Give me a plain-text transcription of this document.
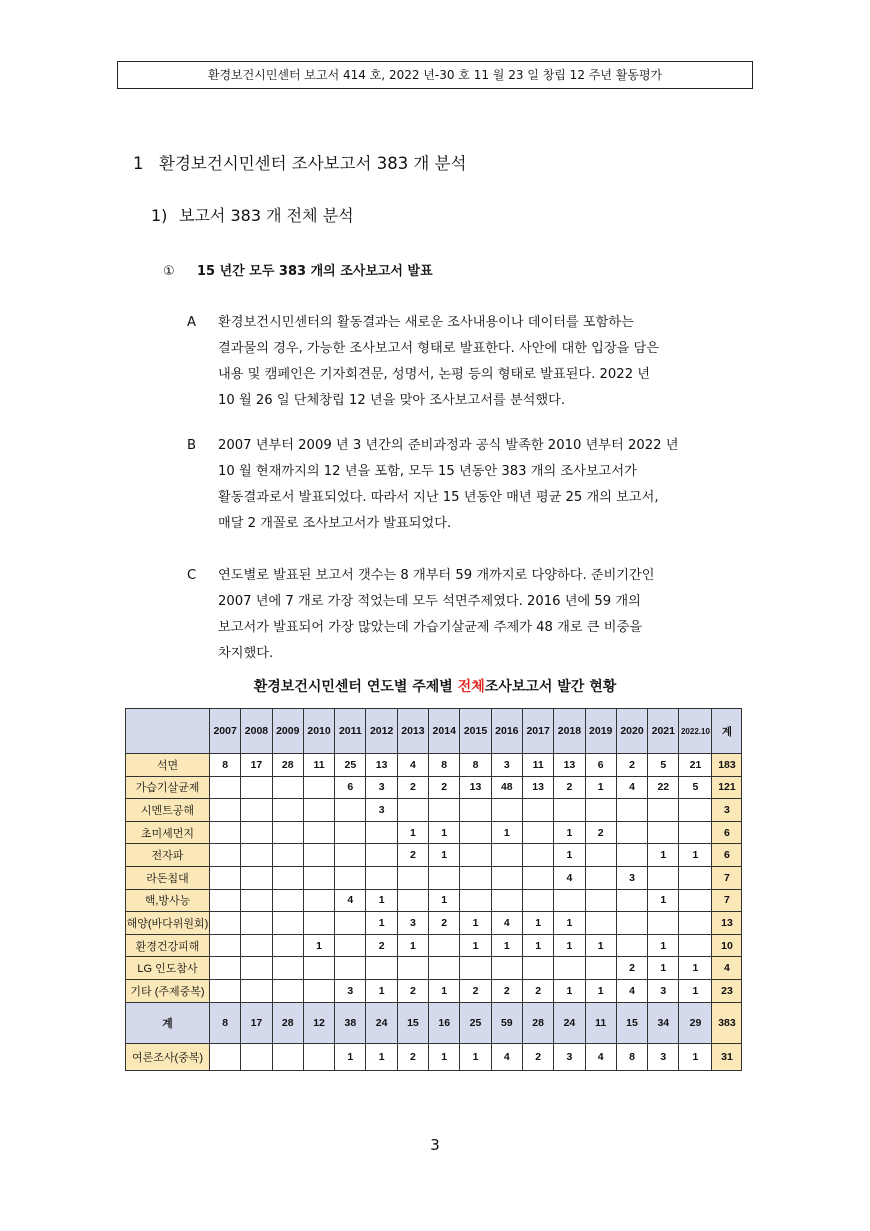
환경보건시민센터 보고서 414 호, 2022 년-30 호 11 월 23 일 창립 12 주년 활동평가
1 환경보건시민센터 조사보고서 383 개 분석
1) 보고서 383 개 전체 분석
① 15 년간 모두 383 개의 조사보고서 발표
A 환경보건시민센터의 활동결과는 새로운 조사내용이나 데이터를 포함하는

결과물의 경우, 가능한 조사보고서 형태로 발표한다. 사안에 대한 입장을 담은

내용 및 캠페인은 기자회견문, 성명서, 논평 등의 형태로 발표된다. 2022 년

10 월 26 일 단체창립 12 년을 맞아 조사보고서를 분석했다.

B 2007 년부터 2009 년 3 년간의 준비과정과 공식 발족한 2010 년부터 2022 년

10 월 현재까지의 12 년을 포함, 모두 15 년동안 383 개의 조사보고서가

활동결과로서 발표되었다. 따라서 지난 15 년동안 매년 평균 25 개의 보고서,

매달 2 개꼴로 조사보고서가 발표되었다.

C 연도별로 발표된 보고서 갯수는 8 개부터 59 개까지로 다양하다. 준비기간인

2007 년에 7 개로 가장 적었는데 모두 석면주제였다. 2016 년에 59 개의

보고서가 발표되어 가장 많았는데 가습기살균제 주제가 48 개로 큰 비중을

차지했다.

환경보건시민센터 연도별 주제별 전체조사보고서 발간 현황
	2007	2008	2009	2010	2011	2012	2013	2014	2015	2016	2017	2018	2019	2020	2021	2022.10	계
석면	8	17	28	11	25	13	4	8	8	3	11	13	6	2	5	21	183
가습기살균제					6	3	2	2	13	48	13	2	1	4	22	5	121
시멘트공해						3											3
초미세먼지							1	1		1		1	2				6
전자파							2	1				1			1	1	6
라돈침대												4		3			7
핵,방사능					4	1		1							1		7
해양(바다위원회)						1	3	2	1	4	1	1					13
환경건강피해				1		2	1		1	1	1	1	1		1		10
LG 인도참사														2	1	1	4
기타 (주제중복)					3	1	2	1	2	2	2	1	1	4	3	1	23
계	8	17	28	12	38	24	15	16	25	59	28	24	11	15	34	29	383
여론조사(중복)					1	1	2	1	1	4	2	3	4	8	3	1	31
3
